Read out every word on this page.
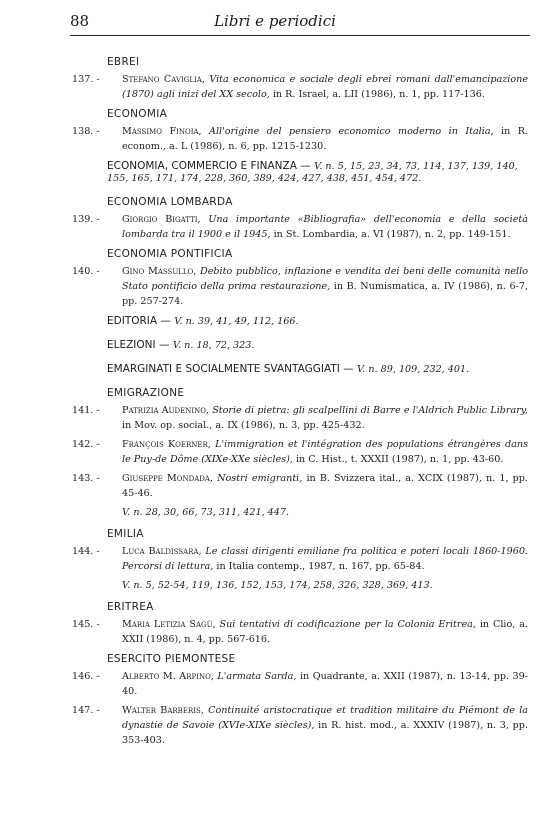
88	Libri e periodici
EBREI
137. -	Stefano Caviglia, Vita economica e sociale degli ebrei romani dall'emancipazione (1870) agli inizi del XX secolo, in R. Israel, a. LII (1986), n. 1, pp. 117-136.
ECONOMIA
138. -	Massimo Finoia, All'origine del pensiero economico moderno in Italia, in R. econom., a. L (1986), n. 6, pp. 1215-1230.
ECONOMIA, COMMERCIO E FINANZA — V. n. 5, 15, 23, 34, 73, 114, 137, 139, 140, 155, 165, 171, 174, 228, 360, 389, 424, 427, 438, 451, 454, 472.
ECONOMIA LOMBARDA
139. -	Giorgio Bigatti, Una importante «Bibliografia» dell'economia e della società lombarda tra il 1900 e il 1945, in St. Lombardia, a. VI (1987), n. 2, pp. 149-151.
ECONOMIA PONTIFICIA
140. -	Gino Massullo, Debito pubblico, inflazione e vendita dei beni delle comunità nello Stato pontificio della prima restaurazione, in B. Numismatica, a. IV (1986), n. 6-7, pp. 257-274.
EDITORIA — V. n. 39, 41, 49, 112, 166.
ELEZIONI — V. n. 18, 72, 323.
EMARGINATI E SOCIALMENTE SVANTAGGIATI — V. n. 89, 109, 232, 401.
EMIGRAZIONE
141. -	Patrizia Audenino, Storie di pietra: gli scalpellini di Barre e l'Aldrich Public Library, in Mov. op. social., a. IX (1986), n. 3, pp. 425-432.
142. -	François Koerner, L'immigration et l'intégration des populations étrangères dans le Puy-de Dôme (XIXe-XXe siècles), in C. Hist., t. XXXII (1987), n. 1, pp. 43-60.
143. -	Giuseppe Mondada, Nostri emigranti, in B. Svizzera ital., a. XCIX (1987), n. 1, pp. 45-46.
V. n. 28, 30, 66, 73, 311, 421, 447.
EMILIA
144. -	Luca Baldissara, Le classi dirigenti emiliane fra politica e poteri locali 1860-1960. Percorsi di lettura, in Italia contemp., 1987, n. 167, pp. 65-84.
V. n. 5, 52-54, 119, 136, 152, 153, 174, 258, 326, 328, 369, 413.
ERITREA
145. -	Maria Letizia Sagù, Sui tentativi di codificazione per la Colonia Eritrea, in Clio, a. XXII (1986), n. 4, pp. 567-616.
ESERCITO PIEMONTESE
146. -	Alberto M. Arpino, L'armata Sarda, in Quadrante, a. XXII (1987), n. 13-14, pp. 39-40.
147. -	Walter Barberis, Continuité aristocratique et tradition militaire du Piémont de la dynastie de Savoie (XVIe-XIXe siècles), in R. hist. mod., a. XXXIV (1987), n. 3, pp. 353-403.
